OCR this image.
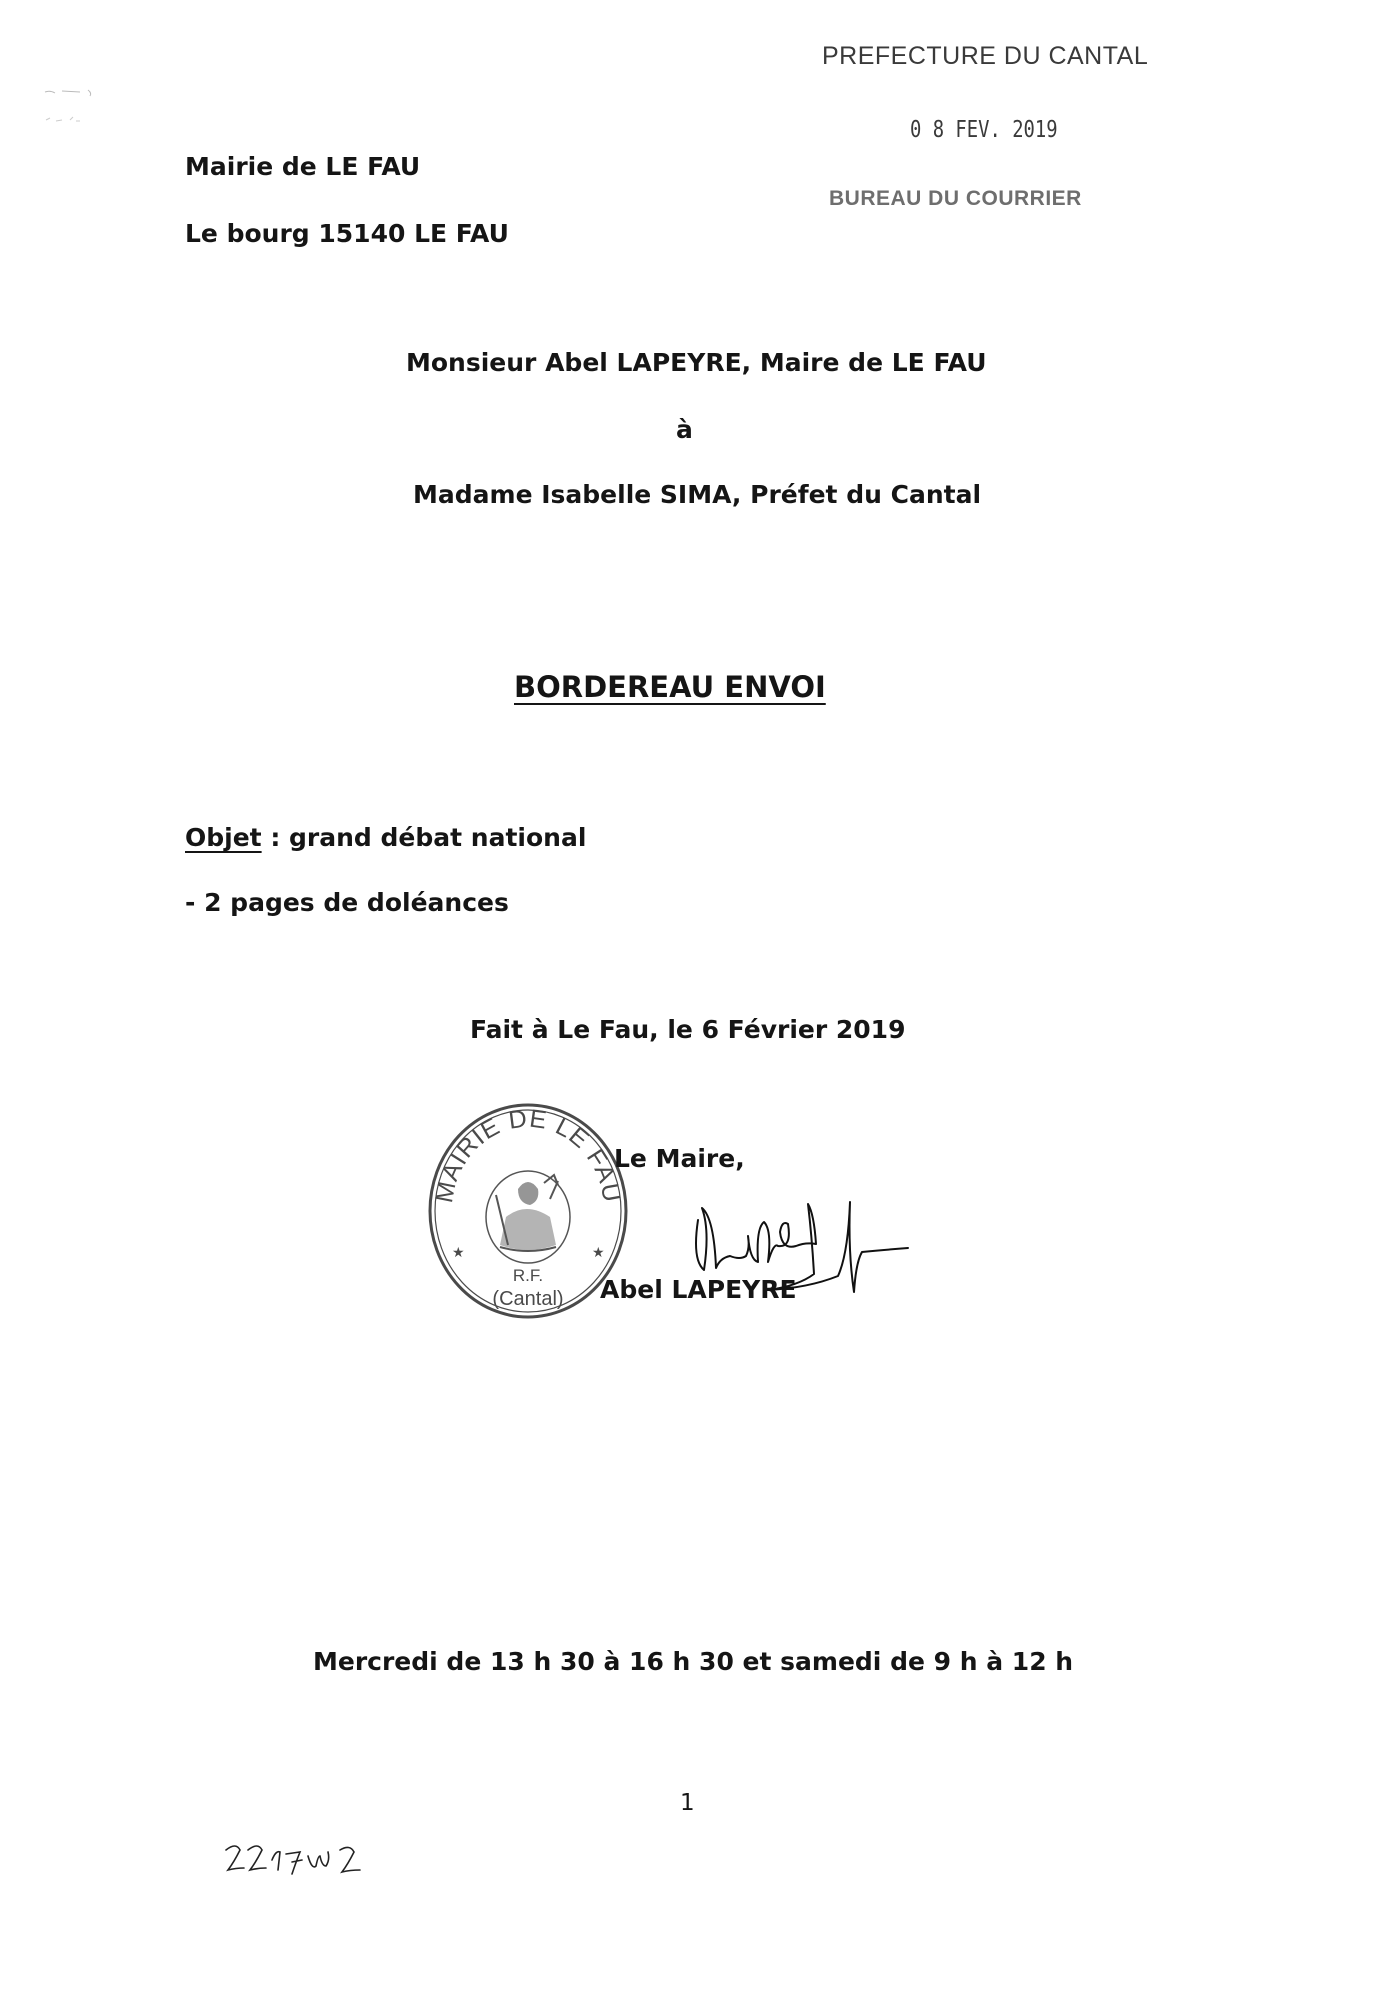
PREFECTURE DU CANTAL
0 8 FEV. 2019
BUREAU DU COURRIER
Mairie de LE FAU
Le bourg 15140 LE FAU
Monsieur Abel LAPEYRE, Maire de LE FAU
à
Madame Isabelle SIMA, Préfet du Cantal
BORDEREAU ENVOI
Objet : grand débat national
- 2 pages de doléances
Fait à Le Fau, le 6 Février 2019
MAIRIE DE LE FAU
★	★
R.F.
(Cantal)
Le Maire,
Abel LAPEYRE
Mercredi de 13 h 30 à 16 h 30 et samedi de 9 h à 12 h
1
